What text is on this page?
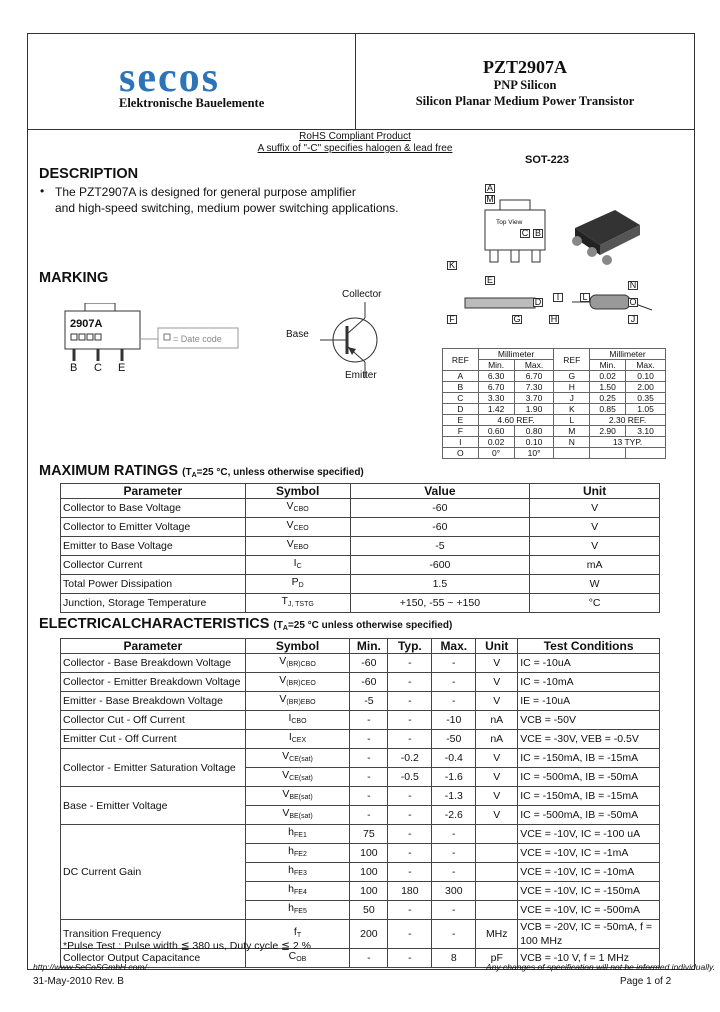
secos
Elektronische Bauelemente
PZT2907A
PNP Silicon
Silicon Planar Medium Power Transistor
RoHS Compliant Product
A suffix of "-C" specifies halogen & lead free
DESCRIPTION
• The PZT2907A is designed for general purpose amplifier
and high-speed switching, medium power switching applications.
SOT-223
Top View
A
M
C B
K
E
D	I
N
O
F	G	H	J
L
REF	Millimeter		REF	Millimeter	
	Min.	Max.		Min.	Max.
A	6.30	6.70	G	0.02	0.10
B	6.70	7.30	H	1.50	2.00
C	3.30	3.70	J	0.25	0.35
D	1.42	1.90	K	0.85	1.05
E	4.60 REF.		L	2.30 REF.	
F	0.60	0.80	M	2.90	3.10
I	0.02	0.10	N	13 TYP.	
O	0°	10°			
MARKING
2907A
= Date code
B C E
Collector
Base
Emitter
MAXIMUM RATINGS ($T_A=25$ °C, unless otherwise specified)
Parameter	Symbol	Value	Unit
Collector to Base Voltage	$V_{CBO}$	-60	V
Collector to Emitter Voltage	$V_{CEO}$	-60	V
Emitter to Base Voltage	$V_{EBO}$	-5	V
Collector Current	$I_C$	-600	mA
Total Power Dissipation	$P_D$	1.5	W
Junction, Storage Temperature	$T_{J, TSTG}$	+150, -55 ~ +150	°C
ELECTRICALCHARACTERISTICS ($T_A=25$ °C unless otherwise specified)
Parameter	Symbol	Min.	Typ.	Max.	Unit	Test Conditions
Collector - Base Breakdown Voltage	$V_{(BR)CBO}$	-60	-	-	V	IC = -10uA
Collector - Emitter Breakdown Voltage	$V_{(BR)CEO}$	-60	-	-	V	IC = -10mA
Emitter - Base Breakdown Voltage	$V_{(BR)EBO}$	-5	-	-	V	IE = -10uA
Collector Cut - Off Current	$I_{CBO}$	-	-	-10	nA	VCB = -50V
Emitter Cut - Off Current	$I_{CEX}$	-	-	-50	nA	VCE = -30V, VEB = -0.5V
Collector - Emitter Saturation Voltage	$V_{CE(sat)}$	-	-0.2	-0.4	V	IC = -150mA, IB = -15mA
	$V_{CE(sat)}$	-	-0.5	-1.6	V	IC = -500mA, IB = -50mA
Base - Emitter Voltage	$V_{BE(sat)}$	-	-	-1.3	V	IC = -150mA, IB = -15mA
	$V_{BE(sat)}$	-	-	-2.6	V	IC = -500mA, IB = -50mA
DC Current Gain	$h_{FE1}$	75	-	-		VCE = -10V, IC = -100 uA
	$h_{FE2}$	100	-	-		VCE = -10V, IC = -1mA
	$h_{FE3}$	100	-	-		VCE = -10V, IC = -10mA
	$h_{FE4}$	100	180	300		VCE = -10V, IC = -150mA
	$h_{FE5}$	50	-	-		VCE = -10V, IC = -500mA
Transition Frequency	$f_T$	200	-	-	MHz	VCB = -20V, IC = -50mA, f = 100 MHz
Collector Output Capacitance	$C_{OB}$	-	-	8	pF	VCB = -10 V, f = 1 MHz
*Pulse Test : Pulse width ≦ 380 us, Duty cycle ≦ 2 %
http://www.SeCoSGmbH.com/	Any changes of specification will not be informed individually.
31-May-2010 Rev. B	Page 1 of 2
